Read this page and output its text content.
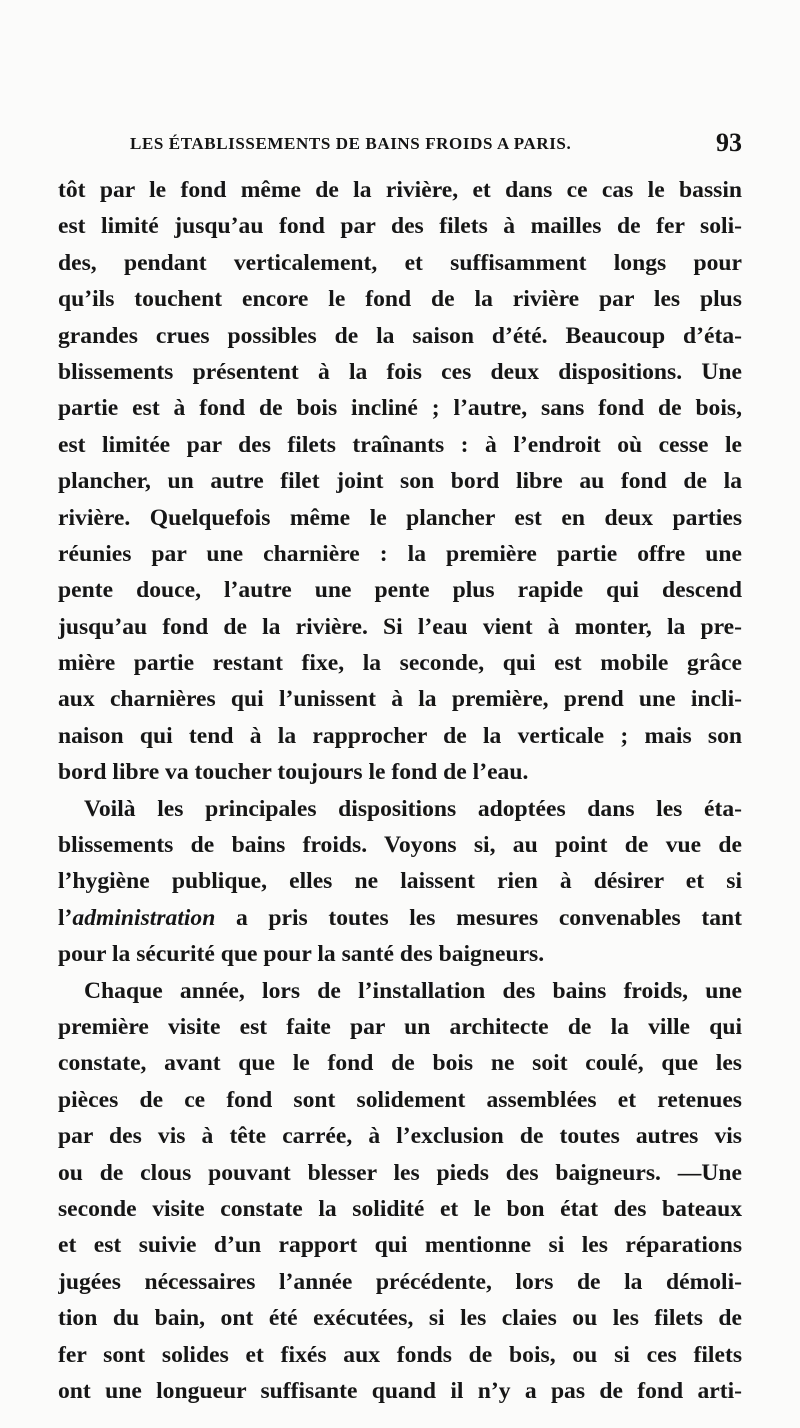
LES ÉTABLISSEMENTS DE BAINS FROIDS A PARIS.	93
tôt par le fond même de la rivière, et dans ce cas le bassin
est limité jusqu’au fond par des filets à mailles de fer soli-
des, pendant verticalement, et suffisamment longs pour
qu’ils touchent encore le fond de la rivière par les plus
grandes crues possibles de la saison d’été. Beaucoup d’éta-
blissements présentent à la fois ces deux dispositions. Une
partie est à fond de bois incliné ; l’autre, sans fond de bois,
est limitée par des filets traînants : à l’endroit où cesse le
plancher, un autre filet joint son bord libre au fond de la
rivière. Quelquefois même le plancher est en deux parties
réunies par une charnière : la première partie offre une
pente douce, l’autre une pente plus rapide qui descend
jusqu’au fond de la rivière. Si l’eau vient à monter, la pre-
mière partie restant fixe, la seconde, qui est mobile grâce
aux charnières qui l’unissent à la première, prend une incli-
naison qui tend à la rapprocher de la verticale ; mais son
bord libre va toucher toujours le fond de l’eau.
Voilà les principales dispositions adoptées dans les éta-
blissements de bains froids. Voyons si, au point de vue de
l’hygiène publique, elles ne laissent rien à désirer et si
l’administration a pris toutes les mesures convenables tant
pour la sécurité que pour la santé des baigneurs.
Chaque année, lors de l’installation des bains froids, une
première visite est faite par un architecte de la ville qui
constate, avant que le fond de bois ne soit coulé, que les
pièces de ce fond sont solidement assemblées et retenues
par des vis à tête carrée, à l’exclusion de toutes autres vis
ou de clous pouvant blesser les pieds des baigneurs. —Une
seconde visite constate la solidité et le bon état des bateaux
et est suivie d’un rapport qui mentionne si les réparations
jugées nécessaires l’année précédente, lors de la démoli-
tion du bain, ont été exécutées, si les claies ou les filets de
fer sont solides et fixés aux fonds de bois, ou si ces filets
ont une longueur suffisante quand il n’y a pas de fond arti-
